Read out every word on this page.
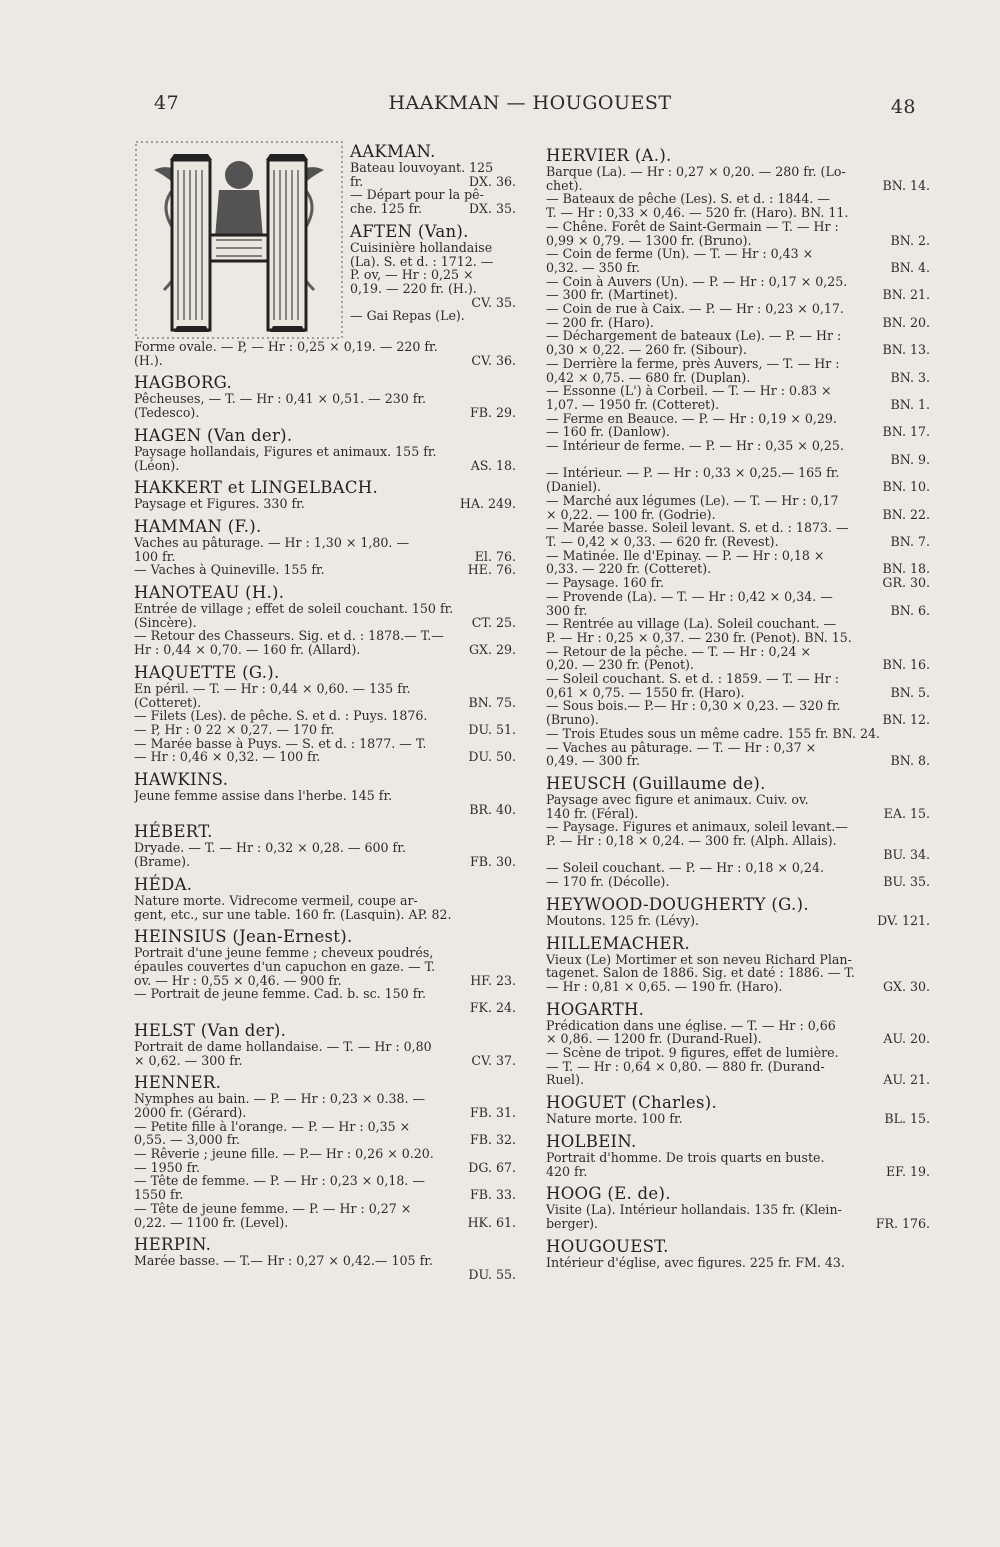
47	HAAKMAN — HOUGOUEST	48
AAKMAN.
Bateau louvoyant. 125
fr.	DX. 36.
— Départ pour la pê-
che. 125 fr.	DX. 35.
AFTEN (Van).
Cuisinière hollandaise
(La). S. et d. : 1712. —
P. ov, — Hr : 0,25 ×
0,19. — 220 fr. (H.).
CV. 35.
— Gai Repas (Le).
Forme ovale. — P, — Hr : 0,25 × 0,19. — 220 fr.
(H.).	CV. 36.
HAGBORG.
Pêcheuses, — T. — Hr : 0,41 × 0,51. — 230 fr.
(Tedesco).	FB. 29.
HAGEN (Van der).
Paysage hollandais, Figures et animaux. 155 fr.
(Léon).	AS. 18.
HAKKERT et LINGELBACH.
Paysage et Figures. 330 fr.	HA. 249.
HAMMAN (F.).
Vaches au pâturage. — Hr : 1,30 × 1,80. —
100 fr.	El. 76.
— Vaches à Quineville. 155 fr.	HE. 76.
HANOTEAU (H.).
Entrée de village ; effet de soleil couchant. 150 fr.
(Sincère).	CT. 25.
— Retour des Chasseurs. Sig. et d. : 1878.— T.—
Hr : 0,44 × 0,70. — 160 fr. (Allard).	GX. 29.
HAQUETTE (G.).
En péril. — T. — Hr : 0,44 × 0,60. — 135 fr.
(Cotteret).	BN. 75.
— Filets (Les). de pêche. S. et d. : Puys. 1876.
— P, Hr : 0 22 × 0,27. — 170 fr.	DU. 51.
— Marée basse à Puys. — S. et d. : 1877. — T.
— Hr : 0,46 × 0,32. — 100 fr.	DU. 50.
HAWKINS.
Jeune femme assise dans l'herbe. 145 fr.
BR. 40.
HÉBERT.
Dryade. — T. — Hr : 0,32 × 0,28. — 600 fr.
(Brame).	FB. 30.
HÉDA.
Nature morte. Vidrecome vermeil, coupe ar-
gent, etc., sur une table. 160 fr. (Lasquin). AP. 82.
HEINSIUS (Jean-Ernest).
Portrait d'une jeune femme ; cheveux poudrés,
épaules couvertes d'un capuchon en gaze. — T.
ov. — Hr : 0,55 × 0,46. — 900 fr.	HF. 23.
— Portrait de jeune femme. Cad. b. sc. 150 fr.
FK. 24.
HELST (Van der).
Portrait de dame hollandaise. — T. — Hr : 0,80
× 0,62. — 300 fr.	CV. 37.
HENNER.
Nymphes au bain. — P. — Hr : 0,23 × 0.38. —
2000 fr. (Gérard).	FB. 31.
— Petite fille à l'orange. — P. — Hr : 0,35 ×
0,55. — 3,000 fr.	FB. 32.
— Rêverie ; jeune fille. — P.— Hr : 0,26 × 0.20.
— 1950 fr.	DG. 67.
— Tête de femme. — P. — Hr : 0,23 × 0,18. —
1550 fr.	FB. 33.
— Tête de jeune femme. — P. — Hr : 0,27 ×
0,22. — 1100 fr. (Level).	HK. 61.
HERPIN.
Marée basse. — T.— Hr : 0,27 × 0,42.— 105 fr.
DU. 55.
HERVIER (A.).
Barque (La). — Hr : 0,27 × 0,20. — 280 fr. (Lo-
chet).	BN. 14.
— Bateaux de pêche (Les). S. et d. : 1844. —
T. — Hr : 0,33 × 0,46. — 520 fr. (Haro). BN. 11.
— Chêne. Forêt de Saint-Germain — T. — Hr :
0,99 × 0,79. — 1300 fr. (Bruno).	BN. 2.
— Coin de ferme (Un). — T. — Hr : 0,43 ×
0,32. — 350 fr.	BN. 4.
— Coin à Auvers (Un). — P. — Hr : 0,17 × 0,25.
— 300 fr. (Martinet).	BN. 21.
— Coin de rue à Caix. — P. — Hr : 0,23 × 0,17.
— 200 fr. (Haro).	BN. 20.
— Déchargement de bateaux (Le). — P. — Hr :
0,30 × 0,22. — 260 fr. (Sibour).	BN. 13.
— Derrière la ferme, près Auvers, — T. — Hr :
0,42 × 0,75. — 680 fr. (Duplan).	BN. 3.
— Essonne (L') à Corbeil. — T. — Hr : 0.83 ×
1,07. — 1950 fr. (Cotteret).	BN. 1.
— Ferme en Beauce. — P. — Hr : 0,19 × 0,29.
— 160 fr. (Danlow).	BN. 17.
— Intérieur de ferme. — P. — Hr : 0,35 × 0,25.
BN. 9.
— Intérieur. — P. — Hr : 0,33 × 0,25.— 165 fr.
(Daniel).	BN. 10.
— Marché aux légumes (Le). — T. — Hr : 0,17
× 0,22. — 100 fr. (Godrie).	BN. 22.
— Marée basse. Soleil levant. S. et d. : 1873. —
T. — 0,42 × 0,33. — 620 fr. (Revest).	BN. 7.
— Matinée. Ile d'Epinay. — P. — Hr : 0,18 ×
0,33. — 220 fr. (Cotteret).	BN. 18.
— Paysage. 160 fr.	GR. 30.
— Provende (La). — T. — Hr : 0,42 × 0,34. —
300 fr.	BN. 6.
— Rentrée au village (La). Soleil couchant. —
P. — Hr : 0,25 × 0,37. — 230 fr. (Penot). BN. 15.
— Retour de la pêche. — T. — Hr : 0,24 ×
0,20. — 230 fr. (Penot).	BN. 16.
— Soleil couchant. S. et d. : 1859. — T. — Hr :
0,61 × 0,75. — 1550 fr. (Haro).	BN. 5.
— Sous bois.— P.— Hr : 0,30 × 0,23. — 320 fr.
(Bruno).	BN. 12.
— Trois Etudes sous un même cadre. 155 fr. BN. 24.
— Vaches au pâturage. — T. — Hr : 0,37 ×
0,49. — 300 fr.	BN. 8.
HEUSCH (Guillaume de).
Paysage avec figure et animaux. Cuiv. ov.
140 fr. (Féral).	EA. 15.
— Paysage. Figures et animaux, soleil levant.—
P. — Hr : 0,18 × 0,24. — 300 fr. (Alph. Allais).
BU. 34.
— Soleil couchant. — P. — Hr : 0,18 × 0,24.
— 170 fr. (Décolle).	BU. 35.
HEYWOOD-DOUGHERTY (G.).
Moutons. 125 fr. (Lévy).	DV. 121.
HILLEMACHER.
Vieux (Le) Mortimer et son neveu Richard Plan-
tagenet. Salon de 1886. Sig. et daté : 1886. — T.
— Hr : 0,81 × 0,65. — 190 fr. (Haro).	GX. 30.
HOGARTH.
Prédication dans une église. — T. — Hr : 0,66
× 0,86. — 1200 fr. (Durand-Ruel).	AU. 20.
— Scène de tripot. 9 figures, effet de lumière.
— T. — Hr : 0,64 × 0,80. — 880 fr. (Durand-
Ruel).	AU. 21.
HOGUET (Charles).
Nature morte. 100 fr.	BL. 15.
HOLBEIN.
Portrait d'homme. De trois quarts en buste.
420 fr.	EF. 19.
HOOG (E. de).
Visite (La). Intérieur hollandais. 135 fr. (Klein-
berger).	FR. 176.
HOUGOUEST.
Intérieur d'église, avec figures. 225 fr. FM. 43.
